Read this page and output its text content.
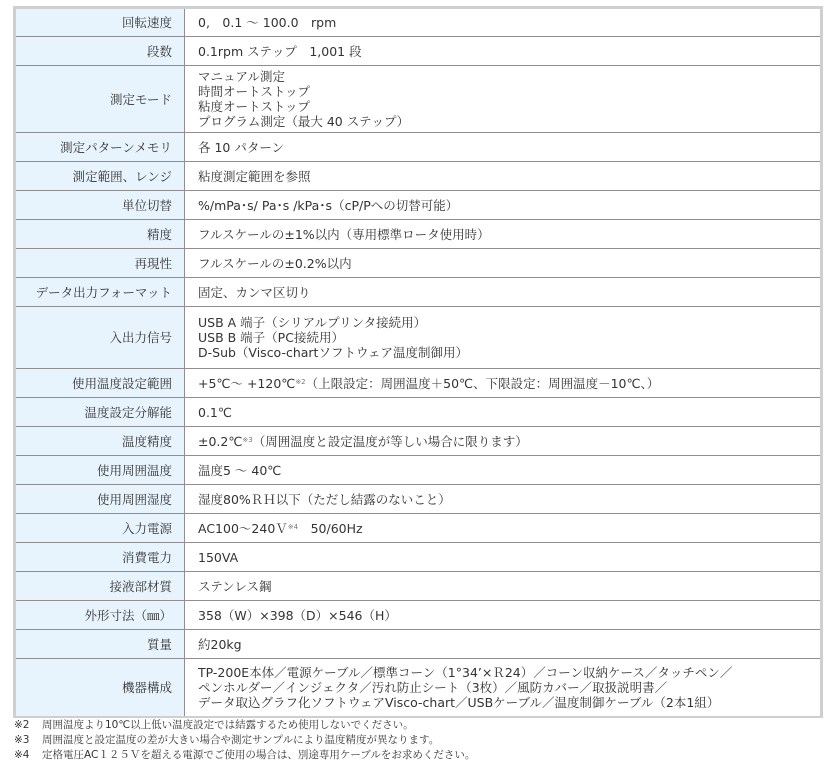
回転速度	0,　0.1 ～ 100.0　rpm

段数	0.1rpm ステップ　1,001 段

測定モード	マニュアル測定
時間オートストップ
粘度オートストップ
プログラム測定（最大 40 ステップ）

測定パターンメモリ	各 10 パターン

測定範囲、レンジ	粘度測定範囲を参照

単位切替	%/mPa･s/ Pa･s /kPa･s（cP/Pへの切替可能）

精度	フルスケールの±1%以内（専用標準ロータ使用時）

再現性	フルスケールの±0.2%以内

データ出力フォーマット	固定、カンマ区切り

入出力信号	USB A 端子（シリアルプリンタ接続用）
USB B 端子（PC接続用）
D-Sub（Visco-chartソフトウェア温度制御用）

使用温度設定範囲	+5℃～ +120℃$^{※2}$（上限設定：周囲温度＋50℃、下限設定：周囲温度－10℃、）

温度設定分解能	0.1℃

温度精度	±0.2℃$^{※3}$（周囲温度と設定温度が等しい場合に限ります）

使用周囲温度	温度5 ～ 40℃

使用周囲湿度	湿度80%ＲＨ以下（ただし結露のないこと）

入力電源	AC100～240Ｖ$^{※4}$　50/60Hz

消費電力	150VA

接液部材質	ステンレス鋼

外形寸法（㎜）	358（W）×398（D）×546（H）

質量	約20kg

機器構成	TP-200E本体／電源ケーブル／標準コーン（1°34’×Ｒ24）／コーン収納ケース／タッチペン／
ペンホルダー／インジェクタ／汚れ防止シート（3枚）／風防カバー／取扱説明書／
データ取込グラフ化ソフトウェアVisco-chart／USBケーブル／温度制御ケーブル（2本1組）
※2 周囲温度より10℃以上低い温度設定では結露するため使用しないでください。
※3 周囲温度と設定温度の差が大きい場合や測定サンプルにより温度精度が異なります。
※4 定格電圧AC１２５Ｖを超える電源でご使用の場合は、別途専用ケーブルをお求めください。
